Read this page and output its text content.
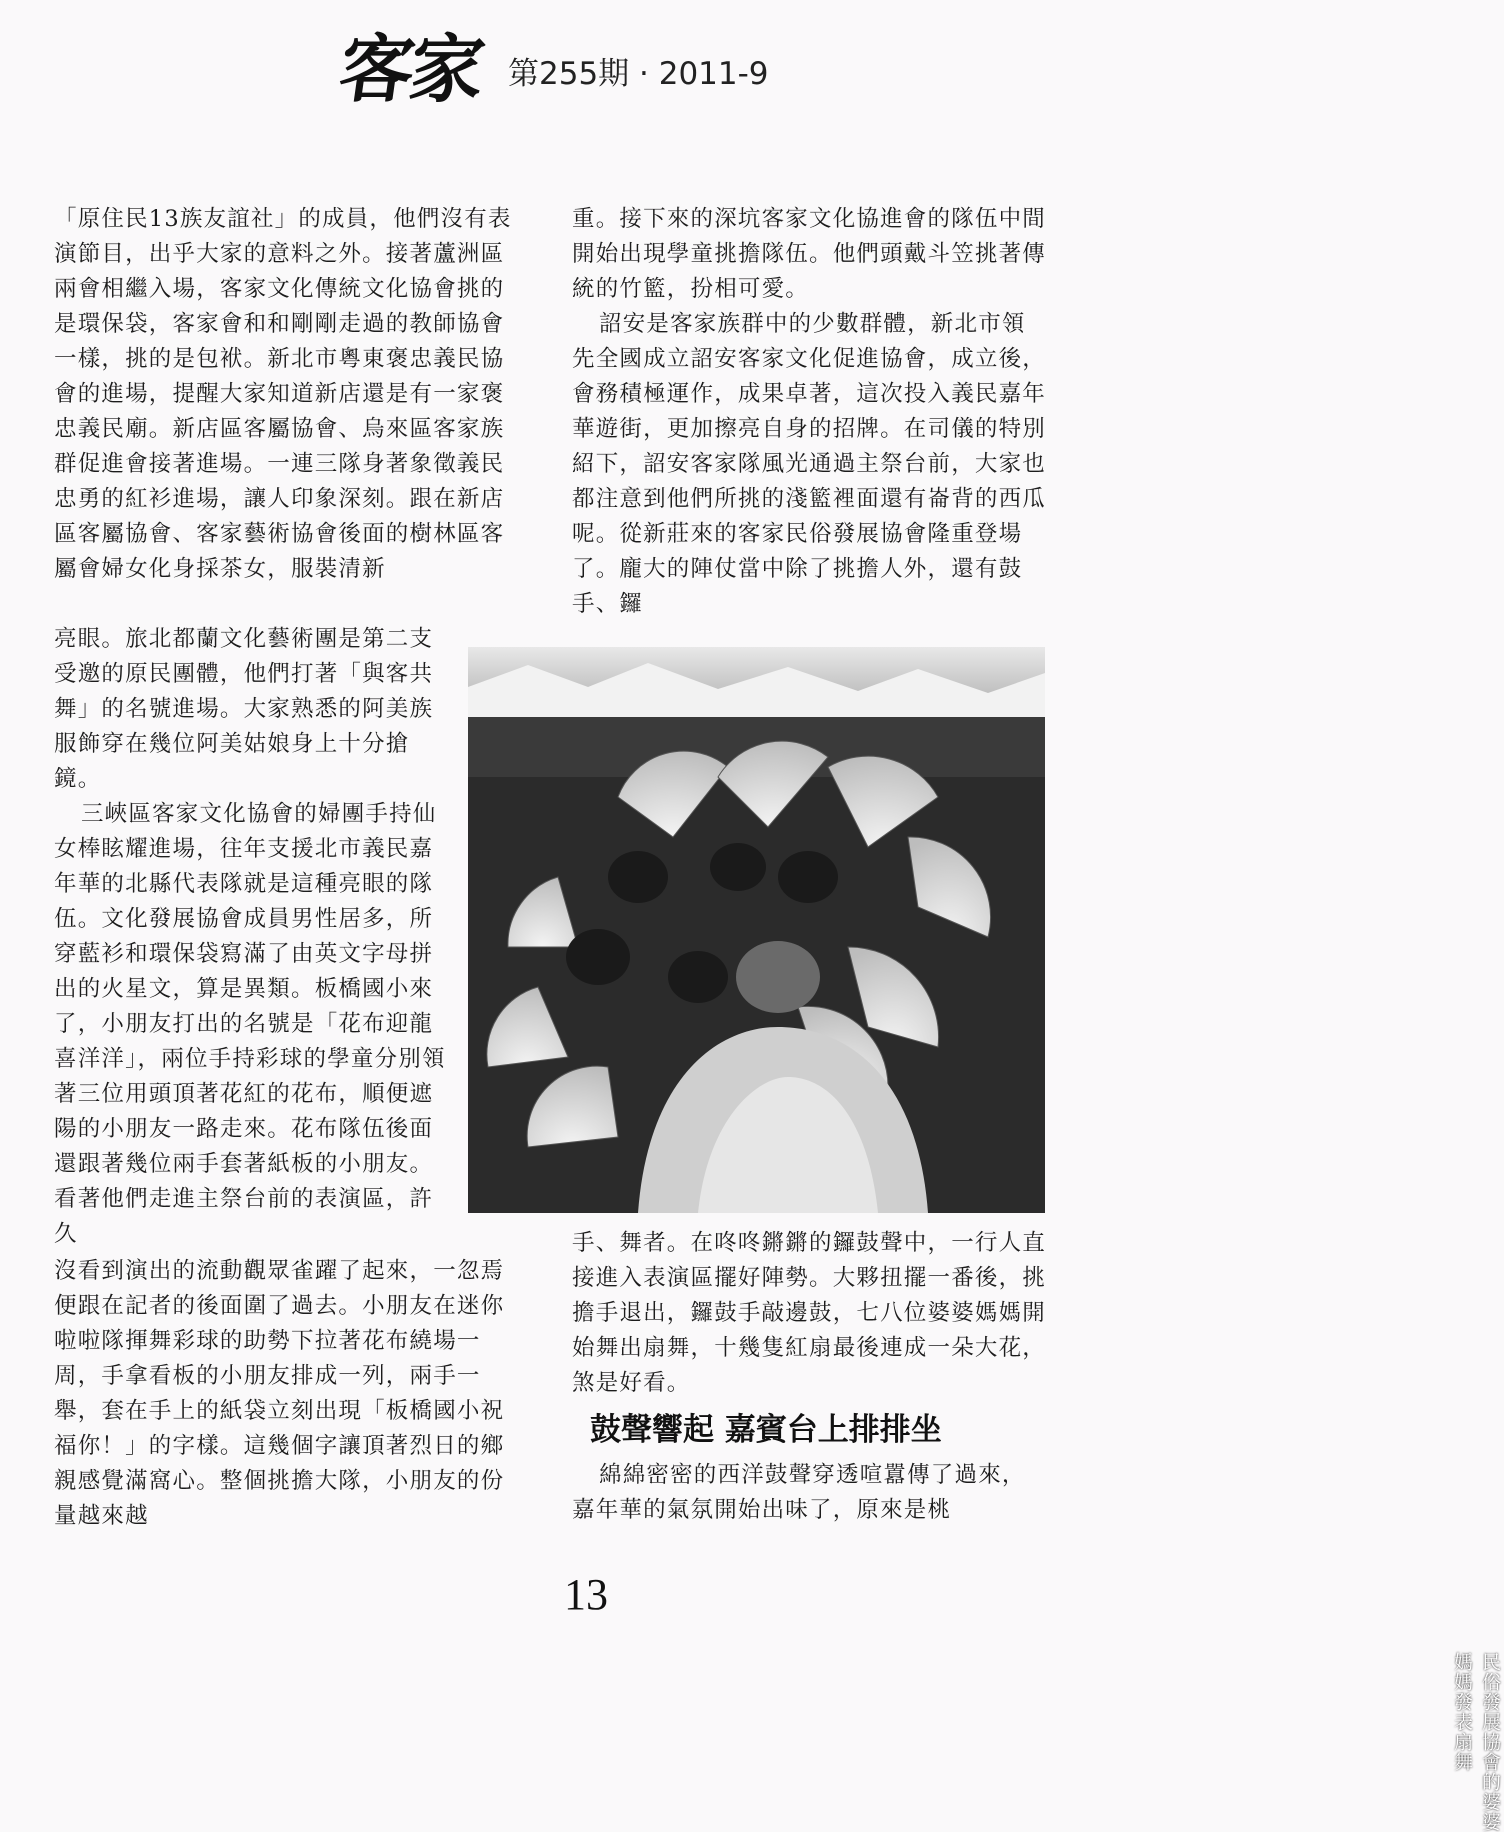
客家 第255期 · 2011-9

「原住民13族友誼社」的成員，他們沒有表演節目，出乎大家的意料之外。接著蘆洲區兩會相繼入場，客家文化傳統文化協會挑的是環保袋，客家會和和剛剛走過的教師協會一樣，挑的是包袱。新北市粵東褒忠義民協會的進場，提醒大家知道新店還是有一家褒忠義民廟。新店區客屬協會、烏來區客家族群促進會接著進場。一連三隊身著象徵義民忠勇的紅衫進場，讓人印象深刻。跟在新店區客屬協會、客家藝術協會後面的樹林區客屬會婦女化身採茶女，服裝清新

亮眼。旅北都蘭文化藝術團是第二支受邀的原民團體，他們打著「與客共舞」的名號進場。大家熟悉的阿美族服飾穿在幾位阿美姑娘身上十分搶鏡。

三峽區客家文化協會的婦團手持仙女棒眩耀進場，往年支援北市義民嘉年華的北縣代表隊就是這種亮眼的隊伍。文化發展協會成員男性居多，所穿藍衫和環保袋寫滿了由英文字母拼出的火星文，算是異類。板橋國小來了，小朋友打出的名號是「花布迎龍喜洋洋」，兩位手持彩球的學童分別領著三位用頭頂著花紅的花布，順便遮陽的小朋友一路走來。花布隊伍後面還跟著幾位兩手套著紙板的小朋友。看著他們走進主祭台前的表演區，許久

沒看到演出的流動觀眾雀躍了起來，一忽焉便跟在記者的後面圍了過去。小朋友在迷你啦啦隊揮舞彩球的助勢下拉著花布繞場一周，手拿看板的小朋友排成一列，兩手一舉，套在手上的紙袋立刻出現「板橋國小祝福你！」的字樣。這幾個字讓頂著烈日的鄉親感覺滿窩心。整個挑擔大隊，小朋友的份量越來越

重。接下來的深坑客家文化協進會的隊伍中間開始出現學童挑擔隊伍。他們頭戴斗笠挑著傳統的竹籃，扮相可愛。

詔安是客家族群中的少數群體，新北市領先全國成立詔安客家文化促進協會，成立後，會務積極運作，成果卓著，這次投入義民嘉年華遊街，更加擦亮自身的招牌。在司儀的特別紹下，詔安客家隊風光通過主祭台前，大家也都注意到他們所挑的淺籃裡面還有崙背的西瓜呢。從新莊來的客家民俗發展協會隆重登場了。龐大的陣仗當中除了挑擔人外，還有鼓手、鑼

民俗發展協會的婆婆媽媽發表扇舞

手、舞者。在咚咚鏘鏘的鑼鼓聲中，一行人直接進入表演區擺好陣勢。大夥扭擺一番後，挑擔手退出，鑼鼓手敲邊鼓，七八位婆婆媽媽開始舞出扇舞，十幾隻紅扇最後連成一朵大花，煞是好看。

鼓聲響起 嘉賓台上排排坐

綿綿密密的西洋鼓聲穿透喧囂傳了過來，嘉年華的氣氛開始出味了，原來是桃

13
